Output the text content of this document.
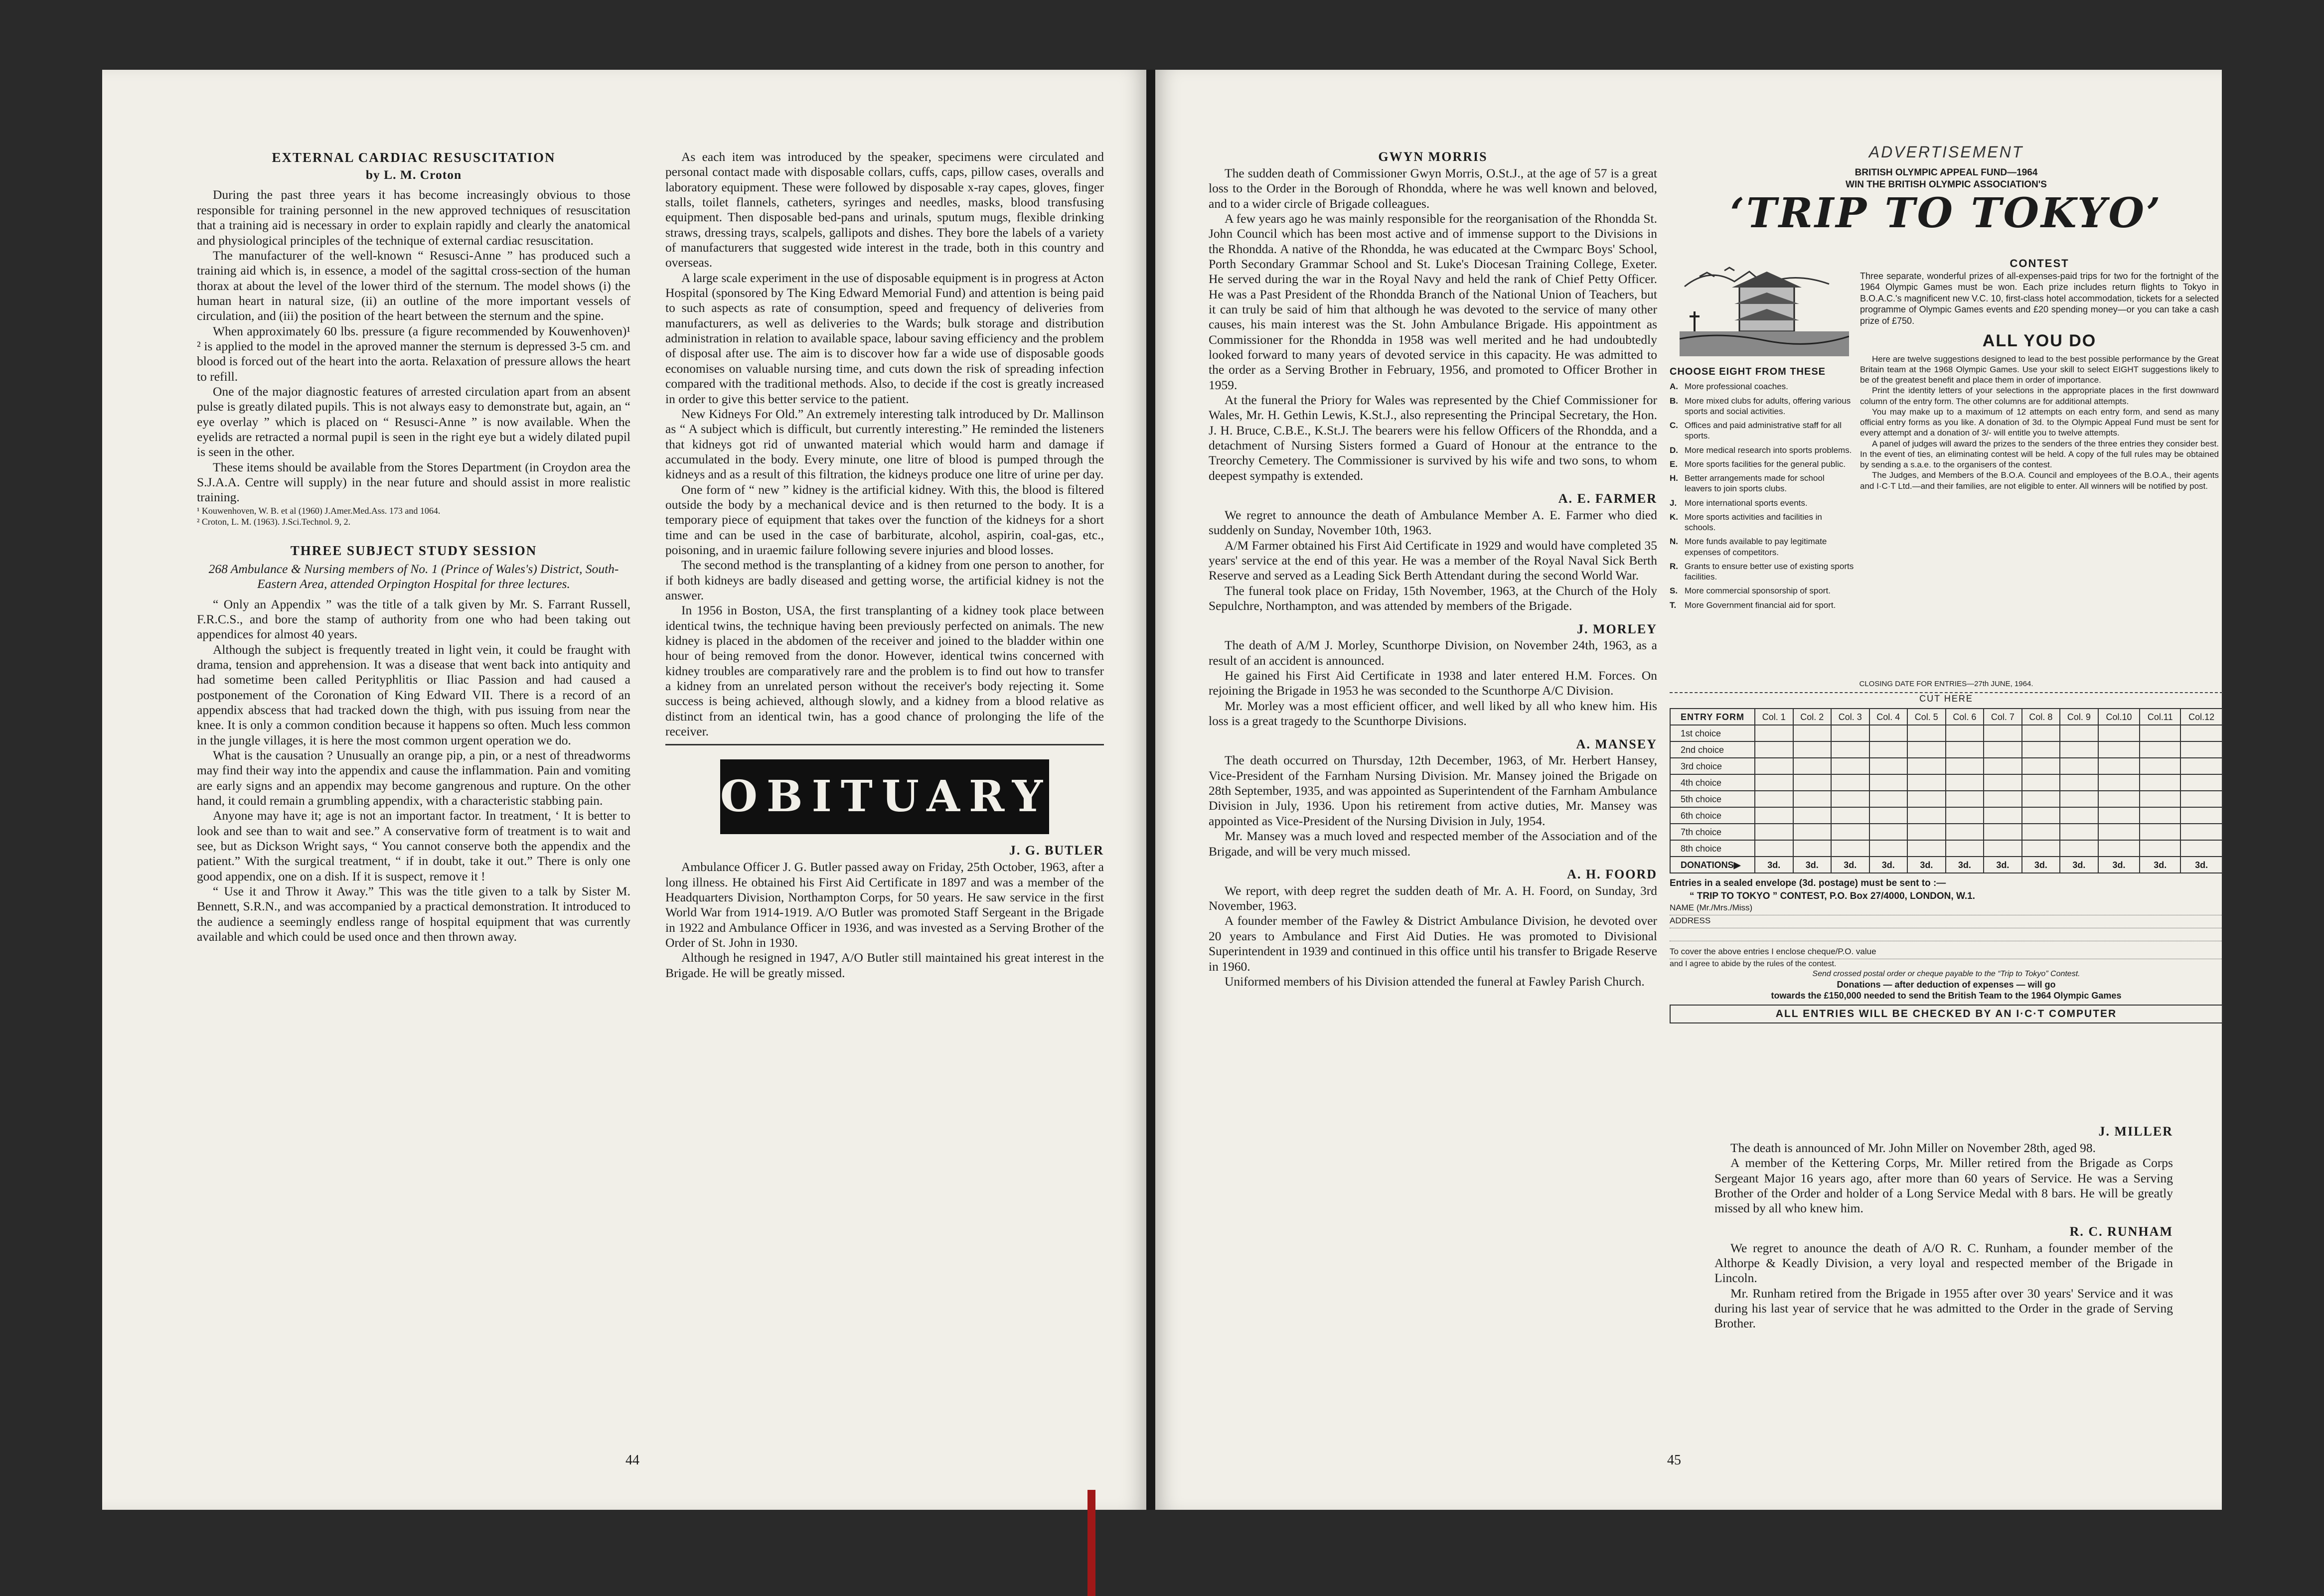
EXTERNAL CARDIAC RESUSCITATION
by L. M. Croton

During the past three years it has become increasingly obvious to those responsible for training personnel in the new approved techniques of resuscitation that a training aid is necessary in order to explain rapidly and clearly the anatomical and physiological principles of the technique of external cardiac resuscitation.

The manufacturer of the well-known “ Resusci-Anne ” has produced such a training aid which is, in essence, a model of the sagittal cross-section of the human thorax at about the level of the lower third of the sternum. The model shows (i) the human heart in natural size, (ii) an outline of the more important vessels of circulation, and (iii) the position of the heart between the sternum and the spine.

When approximately 60 lbs. pressure (a figure recommended by Kouwenhoven)¹ ² is applied to the model in the aproved manner the sternum is depressed 3-5 cm. and blood is forced out of the heart into the aorta. Relaxation of pressure allows the heart to refill.

One of the major diagnostic features of arrested circulation apart from an absent pulse is greatly dilated pupils. This is not always easy to demonstrate but, again, an “ eye overlay ” which is placed on “ Resusci-Anne ” is now available. When the eyelids are retracted a normal pupil is seen in the right eye but a widely dilated pupil is seen in the other.

These items should be available from the Stores Department (in Croydon area the S.J.A.A. Centre will supply) in the near future and should assist in more realistic training.

¹ Kouwenhoven, W. B. et al (1960) J.Amer.Med.Ass. 173 and 1064.

² Croton, L. M. (1963). J.Sci.Technol. 9, 2.

THREE SUBJECT STUDY SESSION
268 Ambulance & Nursing members of No. 1 (Prince of Wales's) District, South-Eastern Area, attended Orpington Hospital for three lectures.

“ Only an Appendix ” was the title of a talk given by Mr. S. Farrant Russell, F.R.C.S., and bore the stamp of authority from one who had been taking out appendices for almost 40 years.

Although the subject is frequently treated in light vein, it could be fraught with drama, tension and apprehension. It was a disease that went back into antiquity and had sometime been called Perityphlitis or Iliac Passion and had caused a postponement of the Coronation of King Edward VII. There is a record of an appendix abscess that had tracked down the thigh, with pus issuing from near the knee. It is only a common condition because it happens so often. Much less common in the jungle villages, it is here the most common urgent operation we do.

What is the causation ? Unusually an orange pip, a pin, or a nest of threadworms may find their way into the appendix and cause the inflammation. Pain and vomiting are early signs and an appendix may become gangrenous and rupture. On the other hand, it could remain a grumbling appendix, with a characteristic stabbing pain.

Anyone may have it; age is not an important factor. In treatment, ‘ It is better to look and see than to wait and see.” A conservative form of treatment is to wait and see, but as Dickson Wright says, “ You cannot conserve both the appendix and the patient.” With the surgical treatment, “ if in doubt, take it out.” There is only one good appendix, one on a dish. If it is suspect, remove it !

“ Use it and Throw it Away.” This was the title given to a talk by Sister M. Bennett, S.R.N., and was accompanied by a practical demonstration. It introduced to the audience a seemingly endless range of hospital equipment that was currently available and which could be used once and then thrown away.

As each item was introduced by the speaker, specimens were circulated and personal contact made with disposable collars, cuffs, caps, pillow cases, overalls and laboratory equipment. These were followed by disposable x-ray capes, gloves, finger stalls, toilet flannels, catheters, syringes and needles, masks, blood transfusing equipment. Then disposable bed-pans and urinals, sputum mugs, flexible drinking straws, dressing trays, scalpels, gallipots and dishes. They bore the labels of a variety of manufacturers that suggested wide interest in the trade, both in this country and overseas.

A large scale experiment in the use of disposable equipment is in progress at Acton Hospital (sponsored by The King Edward Memorial Fund) and attention is being paid to such aspects as rate of consumption, speed and frequency of deliveries from manufacturers, as well as deliveries to the Wards; bulk storage and distribution administration in relation to available space, labour saving efficiency and the problem of disposal after use. The aim is to discover how far a wide use of disposable goods economises on valuable nursing time, and cuts down the risk of spreading infection compared with the traditional methods. Also, to decide if the cost is greatly increased in order to give this better service to the patient.

New Kidneys For Old.” An extremely interesting talk introduced by Dr. Mallinson as “ A subject which is difficult, but currently interesting.” He reminded the listeners that kidneys got rid of unwanted material which would harm and damage if accumulated in the body. Every minute, one litre of blood is pumped through the kidneys and as a result of this filtration, the kidneys produce one litre of urine per day.

One form of “ new ” kidney is the artificial kidney. With this, the blood is filtered outside the body by a mechanical device and is then returned to the body. It is a temporary piece of equipment that takes over the function of the kidneys for a short time and can be used in the case of barbiturate, alcohol, aspirin, coal-gas, etc., poisoning, and in uraemic failure following severe injuries and blood losses.

The second method is the transplanting of a kidney from one person to another, for if both kidneys are badly diseased and getting worse, the artificial kidney is not the answer.

In 1956 in Boston, USA, the first transplanting of a kidney took place between identical twins, the technique having been previously perfected on animals. The new kidney is placed in the abdomen of the receiver and joined to the bladder within one hour of being removed from the donor. However, identical twins concerned with kidney troubles are comparatively rare and the problem is to find out how to transfer a kidney from an unrelated person without the receiver's body rejecting it. Some success is being achieved, although slowly, and a kidney from a blood relative as distinct from an identical twin, has a good chance of prolonging the life of the receiver.

OBITUARY
J. G. BUTLER

Ambulance Officer J. G. Butler passed away on Friday, 25th October, 1963, after a long illness. He obtained his First Aid Certificate in 1897 and was a member of the Headquarters Division, Northampton Corps, for 50 years. He saw service in the first World War from 1914-1919. A/O Butler was promoted Staff Sergeant in the Brigade in 1922 and Ambulance Officer in 1936, and was invested as a Serving Brother of the Order of St. John in 1930.

Although he resigned in 1947, A/O Butler still maintained his great interest in the Brigade. He will be greatly missed.

44
GWYN MORRIS

The sudden death of Commissioner Gwyn Morris, O.St.J., at the age of 57 is a great loss to the Order in the Borough of Rhondda, where he was well known and beloved, and to a wider circle of Brigade colleagues.

A few years ago he was mainly responsible for the reorganisation of the Rhondda St. John Council which has been most active and of immense support to the Divisions in the Rhondda. A native of the Rhondda, he was educated at the Cwmparc Boys' School, Porth Secondary Grammar School and St. Luke's Diocesan Training College, Exeter. He served during the war in the Royal Navy and held the rank of Chief Petty Officer. He was a Past President of the Rhondda Branch of the National Union of Teachers, but it can truly be said of him that although he was devoted to the service of many other causes, his main interest was the St. John Ambulance Brigade. His appointment as Commissioner for the Rhondda in 1958 was well merited and he had undoubtedly looked forward to many years of devoted service in this capacity. He was admitted to the order as a Serving Brother in February, 1956, and promoted to Officer Brother in 1959.

At the funeral the Priory for Wales was represented by the Chief Commissioner for Wales, Mr. H. Gethin Lewis, K.St.J., also representing the Principal Secretary, the Hon. J. H. Bruce, C.B.E., K.St.J. The bearers were his fellow Officers of the Rhondda, and a detachment of Nursing Sisters formed a Guard of Honour at the entrance to the Treorchy Cemetery. The Commissioner is survived by his wife and two sons, to whom deepest sympathy is extended.

A. E. FARMER

We regret to announce the death of Ambulance Member A. E. Farmer who died suddenly on Sunday, November 10th, 1963.

A/M Farmer obtained his First Aid Certificate in 1929 and would have completed 35 years' service at the end of this year. He was a member of the Royal Naval Sick Berth Reserve and served as a Leading Sick Berth Attendant during the second World War.

The funeral took place on Friday, 15th November, 1963, at the Church of the Holy Sepulchre, Northampton, and was attended by members of the Brigade.

J. MORLEY

The death of A/M J. Morley, Scunthorpe Division, on November 24th, 1963, as a result of an accident is announced.

He gained his First Aid Certificate in 1938 and later entered H.M. Forces. On rejoining the Brigade in 1953 he was seconded to the Scunthorpe A/C Division.

Mr. Morley was a most efficient officer, and well liked by all who knew him. His loss is a great tragedy to the Scunthorpe Divisions.

A. MANSEY

The death occurred on Thursday, 12th December, 1963, of Mr. Herbert Hansey, Vice-President of the Farnham Nursing Division. Mr. Mansey joined the Brigade on 28th September, 1935, and was appointed as Superintendent of the Farnham Ambulance Division in July, 1936. Upon his retirement from active duties, Mr. Mansey was appointed as Vice-President of the Nursing Division in July, 1954.

Mr. Mansey was a much loved and respected member of the Association and of the Brigade, and will be very much missed.

A. H. FOORD

We report, with deep regret the sudden death of Mr. A. H. Foord, on Sunday, 3rd November, 1963.

A founder member of the Fawley & District Ambulance Division, he devoted over 20 years to Ambulance and First Aid Duties. He was promoted to Divisional Superintendent in 1939 and continued in this office until his transfer to Brigade Reserve in 1960.

Uniformed members of his Division attended the funeral at Fawley Parish Church.

ADVERTISEMENT
BRITISH OLYMPIC APPEAL FUND—1964
WIN THE BRITISH OLYMPIC ASSOCIATION'S
‘TRIP TO TOKYO’
CHOOSE EIGHT FROM THESE
A. More professional coaches.
B. More mixed clubs for adults, offering various sports and social activities.
C. Offices and paid administrative staff for all sports.
D. More medical research into sports problems.
E. More sports facilities for the general public.
H. Better arrangements made for school leavers to join sports clubs.
J. More international sports events.
K. More sports activities and facilities in schools.
N. More funds available to pay legitimate expenses of competitors.
R. Grants to ensure better use of existing sports facilities.
S. More commercial sponsorship of sport.
T. More Government financial aid for sport.
CONTEST
Three separate, wonderful prizes of all-expenses-paid trips for two for the fortnight of the 1964 Olympic Games must be won. Each prize includes return flights to Tokyo in B.O.A.C.'s magnificent new V.C. 10, first-class hotel accommodation, tickets for a selected programme of Olympic Games events and £20 spending money—or you can take a cash prize of £750.
ALL YOU DO

Here are twelve suggestions designed to lead to the best possible performance by the Great Britain team at the 1968 Olympic Games. Use your skill to select EIGHT suggestions likely to be of the greatest benefit and place them in order of importance.

Print the identity letters of your selections in the appropriate places in the first downward column of the entry form. The other columns are for additional attempts.

You may make up to a maximum of 12 attempts on each entry form, and send as many official entry forms as you like. A donation of 3d. to the Olympic Appeal Fund must be sent for every attempt and a donation of 3/- will entitle you to twelve attempts.

A panel of judges will award the prizes to the senders of the three entries they consider best. In the event of ties, an eliminating contest will be held. A copy of the full rules may be obtained by sending a s.a.e. to the organisers of the contest.

The Judges, and Members of the B.O.A. Council and employees of the B.O.A., their agents and I·C·T Ltd.—and their families, are not eligible to enter. All winners will be notified by post.

CLOSING DATE FOR ENTRIES—27th JUNE, 1964.
CUT HERE
ENTRY FORM	Col. 1	Col. 2	Col. 3	Col. 4	Col. 5	Col. 6	Col. 7	Col. 8	Col. 9	Col.10	Col.11	Col.12
1st choice												
2nd choice												
3rd choice												
4th choice												
5th choice												
6th choice												
7th choice												
8th choice												
DONATIONS▶	3d.	3d.	3d.	3d.	3d.	3d.	3d.	3d.	3d.	3d.	3d.	3d.
Entries in a sealed envelope (3d. postage) must be sent to :—
“ TRIP TO TOKYO ” CONTEST, P.O. Box 27/4000, LONDON, W.1.
NAME (Mr./Mrs./Miss)
ADDRESS
To cover the above entries I enclose cheque/P.O. value
and I agree to abide by the rules of the contest.
Send crossed postal order or cheque payable to the “Trip to Tokyo” Contest.
Donations — after deduction of expenses — will go
towards the £150,000 needed to send the British Team to the 1964 Olympic Games
ALL ENTRIES WILL BE CHECKED BY AN I·C·T COMPUTER
J. MILLER

The death is announced of Mr. John Miller on November 28th, aged 98.

A member of the Kettering Corps, Mr. Miller retired from the Brigade as Corps Sergeant Major 16 years ago, after more than 60 years of Service. He was a Serving Brother of the Order and holder of a Long Service Medal with 8 bars. He will be greatly missed by all who knew him.

R. C. RUNHAM

We regret to anounce the death of A/O R. C. Runham, a founder member of the Althorpe & Keadly Division, a very loyal and respected member of the Brigade in Lincoln.

Mr. Runham retired from the Brigade in 1955 after over 30 years' Service and it was during his last year of service that he was admitted to the Order in the grade of Serving Brother.

45
